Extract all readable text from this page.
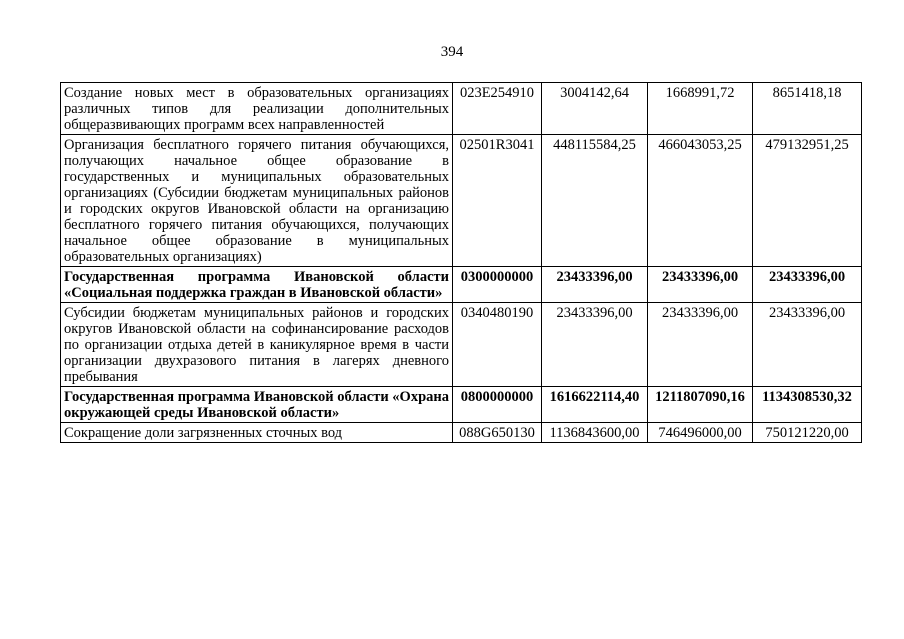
394
Создание новых мест в образовательных организациях различных типов для реализации дополнительных общеразвивающих программ всех направленностей	023E254910	3004142,64	1668991,72	8651418,18
Организация бесплатного горячего питания обучающихся, получающих начальное общее образование в государственных и муниципальных образовательных организациях (Субсидии бюджетам муниципальных районов и городских округов Ивановской области на организацию бесплатного горячего питания обучающихся, получающих начальное общее образование в муниципальных образовательных организациях)	02501R3041	448115584,25	466043053,25	479132951,25
Государственная программа Ивановской области «Социальная поддержка граждан в Ивановской области»	0300000000	23433396,00	23433396,00	23433396,00
Субсидии бюджетам муниципальных районов и городских округов Ивановской области на софинансирование расходов по организации отдыха детей в каникулярное время в части организации двухразового питания в лагерях дневного пребывания	0340480190	23433396,00	23433396,00	23433396,00
Государственная программа Ивановской области «Охрана окружающей среды Ивановской области»	0800000000	1616622114,40	1211807090,16	1134308530,32
Сокращение доли загрязненных сточных вод	088G650130	1136843600,00	746496000,00	750121220,00
